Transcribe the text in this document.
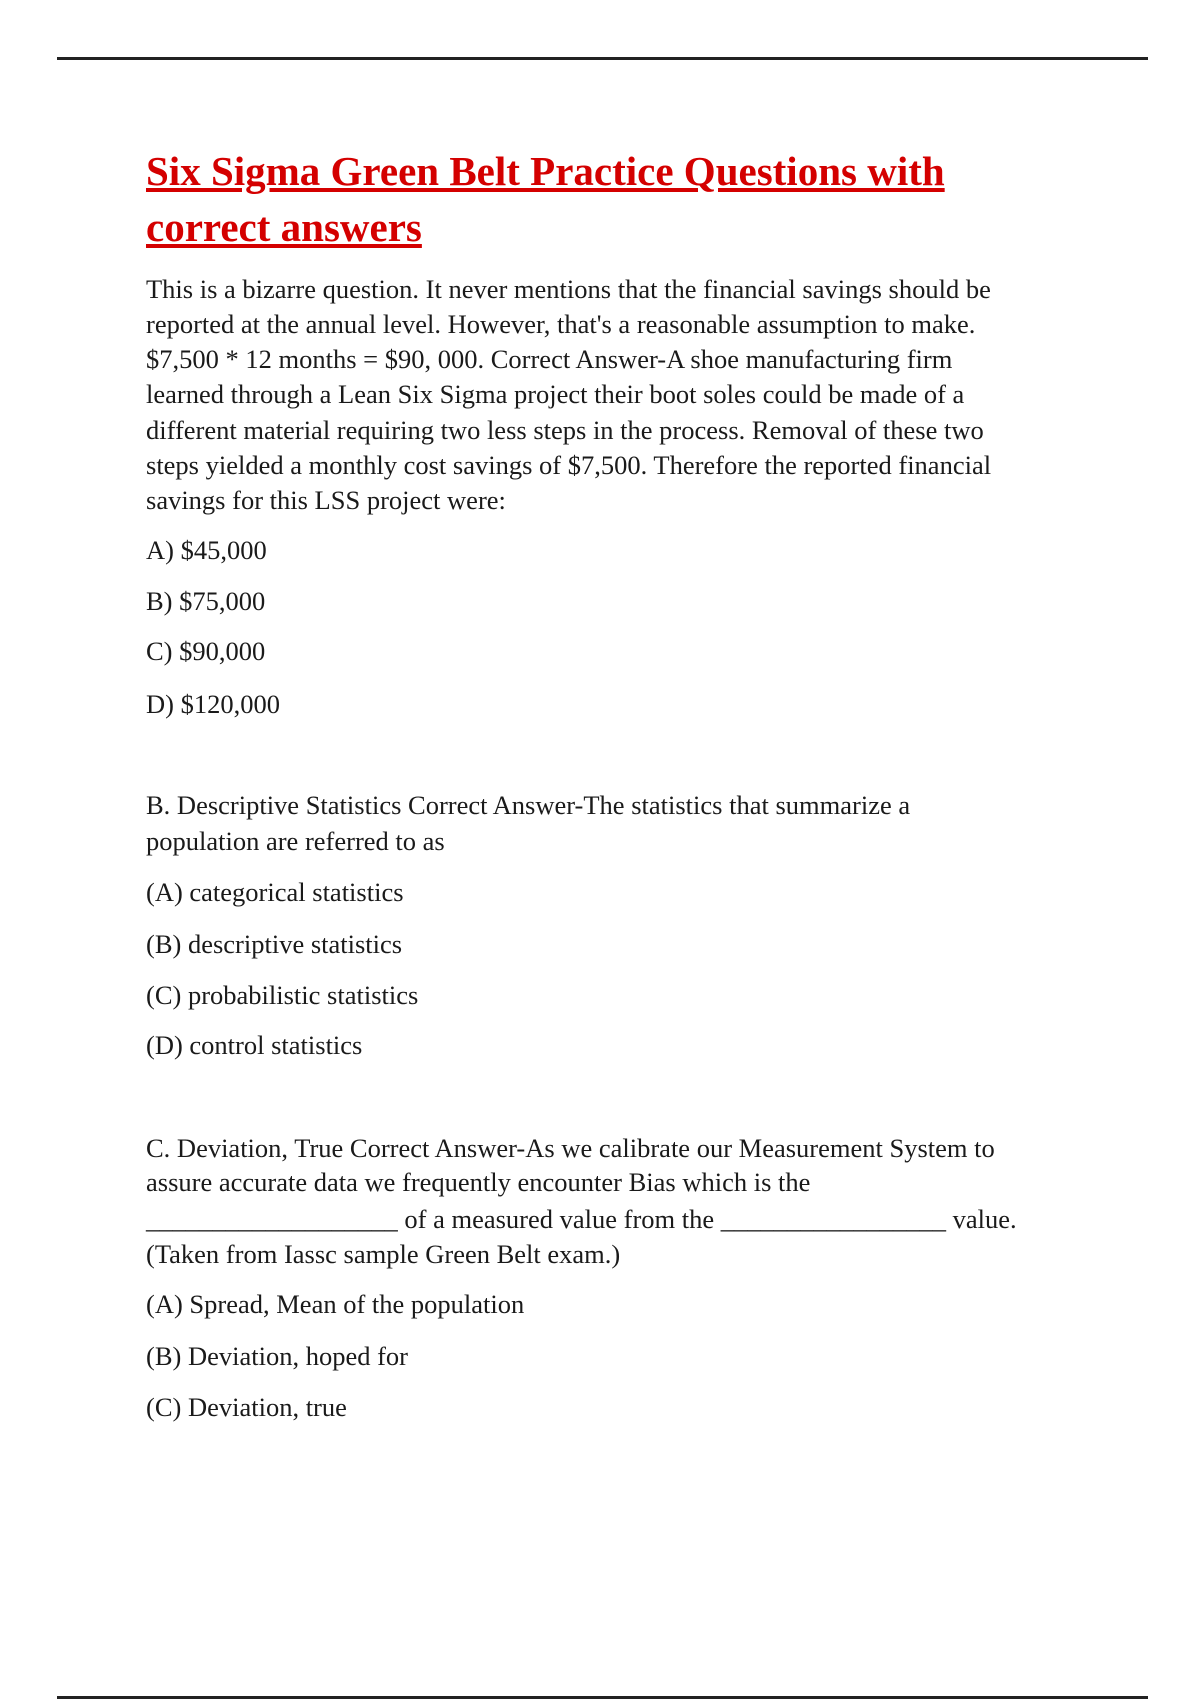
Six Sigma Green Belt Practice Questions with
correct answers
This is a bizarre question. It never mentions that the financial savings should be
reported at the annual level. However, that's a reasonable assumption to make.
$7,500 * 12 months = $90, 000. Correct Answer-A shoe manufacturing firm
learned through a Lean Six Sigma project their boot soles could be made of a
different material requiring two less steps in the process. Removal of these two
steps yielded a monthly cost savings of $7,500. Therefore the reported financial
savings for this LSS project were:
A) $45,000
B) $75,000
C) $90,000
D) $120,000
B. Descriptive Statistics Correct Answer-The statistics that summarize a
population are referred to as
(A) categorical statistics
(B) descriptive statistics
(C) probabilistic statistics
(D) control statistics
C. Deviation, True Correct Answer-As we calibrate our Measurement System to
assure accurate data we frequently encounter Bias which is the
___________________ of a measured value from the _________________ value.
(Taken from Iassc sample Green Belt exam.)
(A) Spread, Mean of the population
(B) Deviation, hoped for
(C) Deviation, true
